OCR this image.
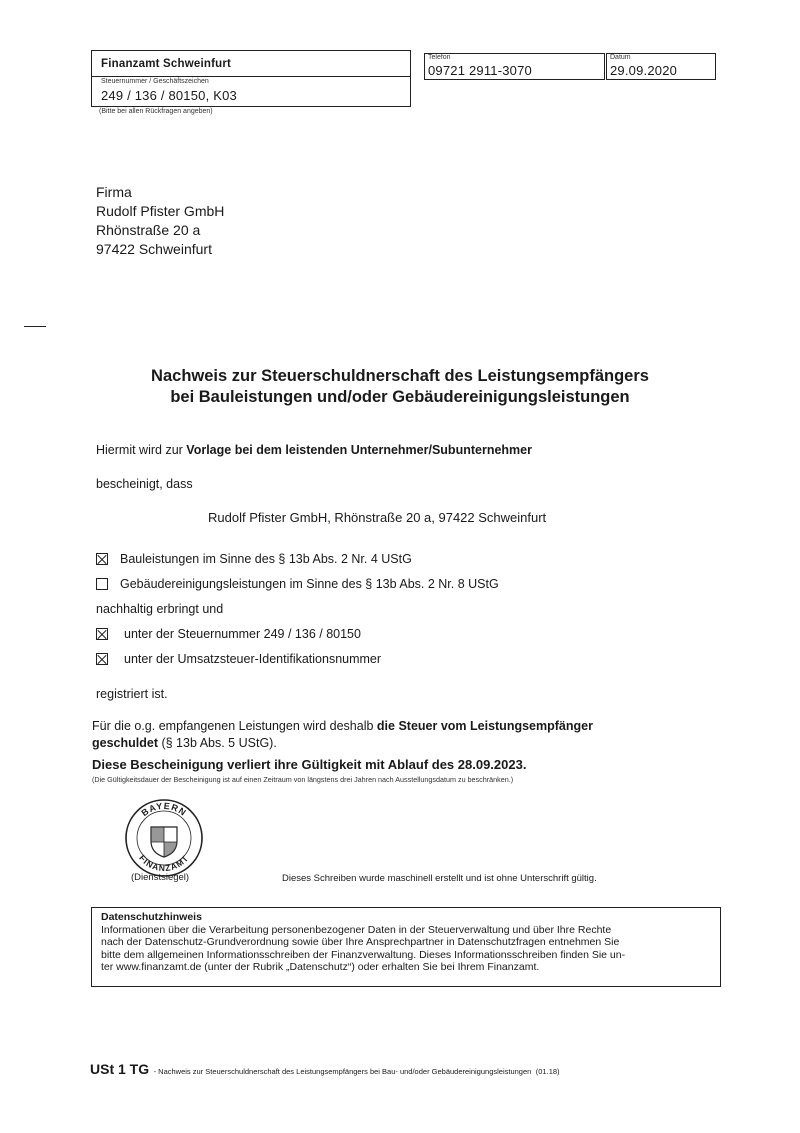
Finanzamt Schweinfurt
Steuernummer / Geschäftszeichen
249 / 136 / 80150, K03
(Bitte bei allen Rückfragen angeben)
Telefon
09721 2911-3070
Datum
29.09.2020
Firma
Rudolf Pfister GmbH
Rhönstraße 20 a
97422 Schweinfurt
Nachweis zur Steuerschuldnerschaft des Leistungsempfängers
bei Bauleistungen und/oder Gebäudereinigungsleistungen
Hiermit wird zur Vorlage bei dem leistenden Unternehmer/Subunternehmer
bescheinigt, dass
Rudolf Pfister GmbH, Rhönstraße 20 a, 97422 Schweinfurt
Bauleistungen im Sinne des § 13b Abs. 2 Nr. 4 UStG
Gebäudereinigungsleistungen im Sinne des § 13b Abs. 2 Nr. 8 UStG
nachhaltig erbringt und
unter der Steuernummer 249 / 136 / 80150
unter der Umsatzsteuer-Identifikationsnummer
registriert ist.
Für die o.g. empfangenen Leistungen wird deshalb die Steuer vom Leistungsempfänger
geschuldet (§ 13b Abs. 5 UStG).
Diese Bescheinigung verliert ihre Gültigkeit mit Ablauf des 28.09.2023.
(Die Gültigkeitsdauer der Bescheinigung ist auf einen Zeitraum von längstens drei Jahren nach Ausstellungsdatum zu beschränken.)
BAYERN
FINANZAMT
(Dienstsiegel)	Dieses Schreiben wurde maschinell erstellt und ist ohne Unterschrift gültig.
Datenschutzhinweis
Informationen über die Verarbeitung personenbezogener Daten in der Steuerverwaltung und über Ihre Rechte
nach der Datenschutz-Grundverordnung sowie über Ihre Ansprechpartner in Datenschutzfragen entnehmen Sie
bitte dem allgemeinen Informationsschreiben der Finanzverwaltung. Dieses Informationsschreiben finden Sie un-
ter www.finanzamt.de (unter der Rubrik „Datenschutz“) oder erhalten Sie bei Ihrem Finanzamt.
USt 1 TG - Nachweis zur Steuerschuldnerschaft des Leistungsempfängers bei Bau- und/oder Gebäudereinigungsleistungen (01.18)
